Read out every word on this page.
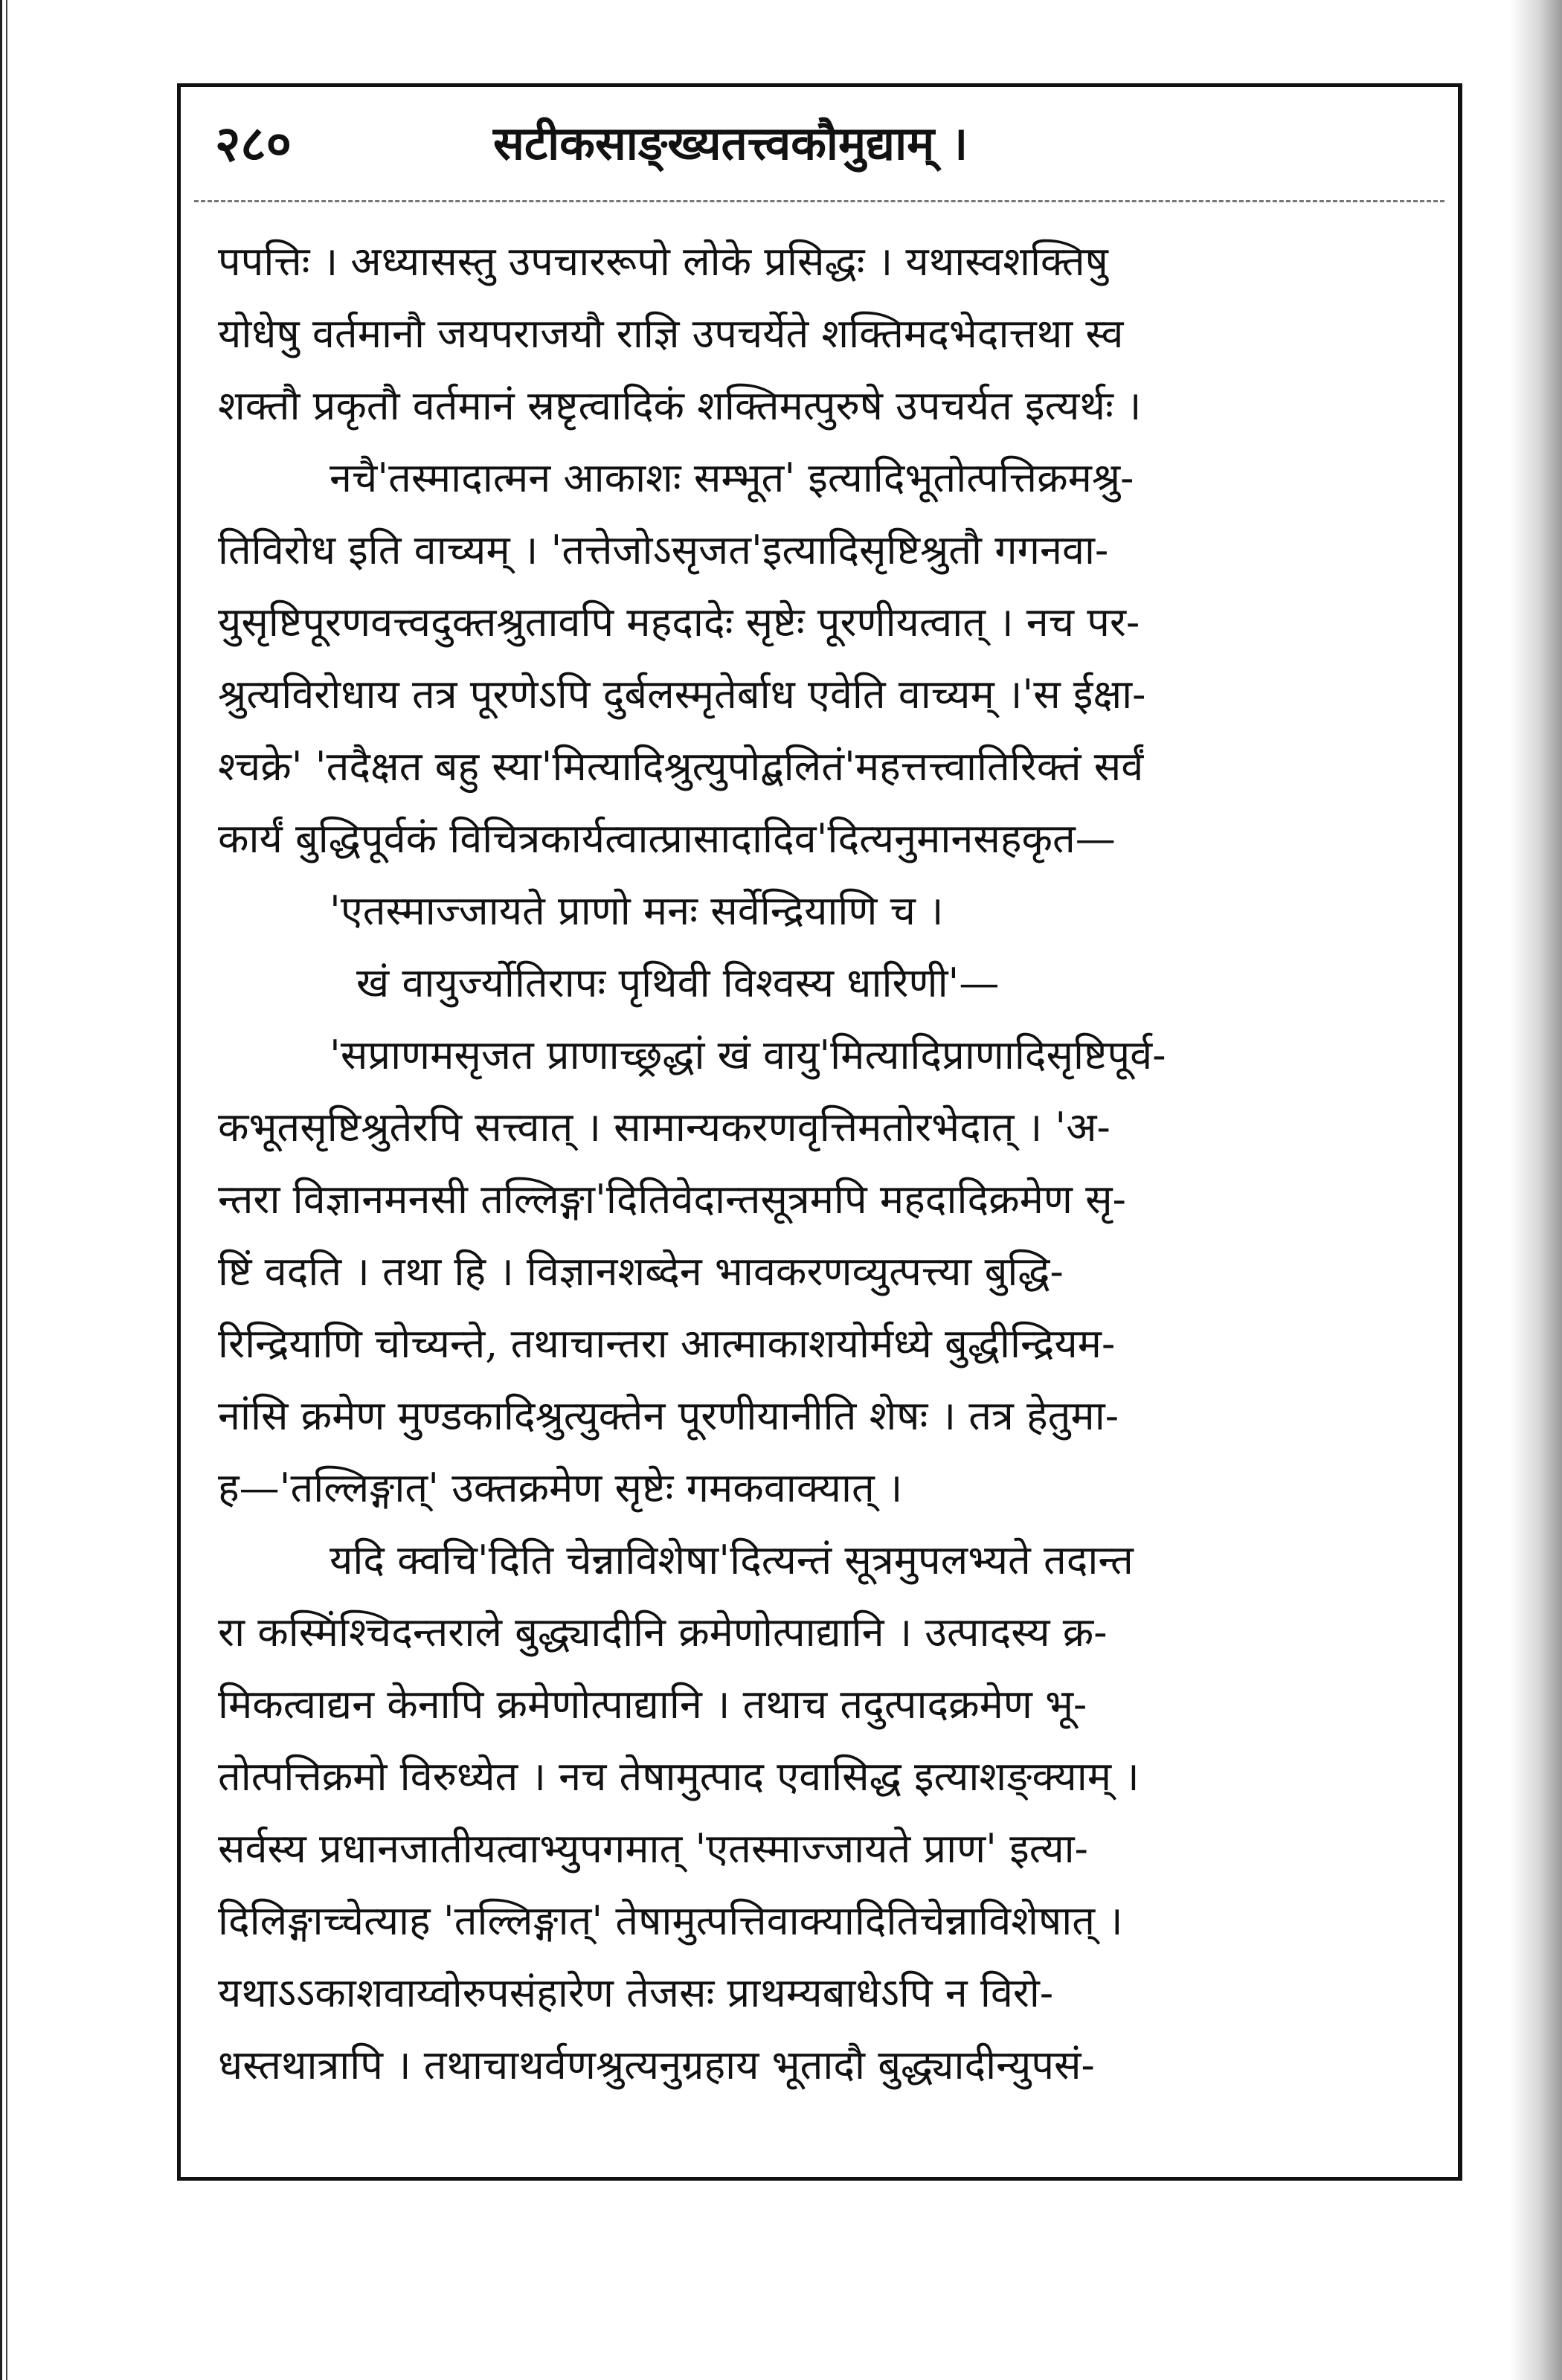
२८०	सटीकसाङ्ख्यतत्त्वकौमुद्याम् ।
पपत्तिः । अध्यासस्तु उपचाररूपो लोके प्रसिद्धः । यथास्वशक्तिषु
योधेषु वर्तमानौ जयपराजयौ राज्ञि उपचर्येते शक्तिमदभेदात्तथा स्व
शक्तौ प्रकृतौ वर्तमानं स्रष्टृत्वादिकं शक्तिमत्पुरुषे उपचर्यत इत्यर्थः ।
नचै'तस्मादात्मन आकाशः सम्भूत' इत्यादिभूतोत्पत्तिक्रमश्रु-
तिविरोध इति वाच्यम् । 'तत्तेजोऽसृजत'इत्यादिसृष्टिश्रुतौ गगनवा-
युसृष्टिपूरणवत्त्वदुक्तश्रुतावपि महदादेः सृष्टेः पूरणीयत्वात् । नच पर-
श्रुत्यविरोधाय तत्र पूरणेऽपि दुर्बलस्मृतेर्बाध एवेति वाच्यम् ।'स ईक्षा-
श्चक्रे' 'तदैक्षत बहु स्या'मित्यादिश्रुत्युपोद्बलितं'महत्तत्त्वातिरिक्तं सर्वं
कार्यं बुद्धिपूर्वकं विचित्रकार्यत्वात्प्रासादादिव'दित्यनुमानसहकृत—
'एतस्माज्जायते प्राणो मनः सर्वेन्द्रियाणि च ।
खं वायुर्ज्योतिरापः पृथिवी विश्वस्य धारिणी'—
'सप्राणमसृजत प्राणाच्छ्रद्धां खं वायु'मित्यादिप्राणादिसृष्टिपूर्व-
कभूतसृष्टिश्रुतेरपि सत्त्वात् । सामान्यकरणवृत्तिमतोरभेदात् । 'अ-
न्तरा विज्ञानमनसी तल्लिङ्गा'दितिवेदान्तसूत्रमपि महदादिक्रमेण सृ-
ष्टिं वदति । तथा हि । विज्ञानशब्देन भावकरणव्युत्पत्त्या बुद्धि-
रिन्द्रियाणि चोच्यन्ते, तथाचान्तरा आत्माकाशयोर्मध्ये बुद्धीन्द्रियम-
नांसि क्रमेण मुण्डकादिश्रुत्युक्तेन पूरणीयानीति शेषः । तत्र हेतुमा-
ह—'तल्लिङ्गात्' उक्तक्रमेण सृष्टेः गमकवाक्यात् ।
यदि क्वचि'दिति चेन्नाविशेषा'दित्यन्तं सूत्रमुपलभ्यते तदान्त
रा कस्मिंश्चिदन्तराले बुद्ध्यादीनि क्रमेणोत्पाद्यानि । उत्पादस्य क्र-
मिकत्वाद्यन केनापि क्रमेणोत्पाद्यानि । तथाच तदुत्पादक्रमेण भू-
तोत्पत्तिक्रमो विरुध्येत । नच तेषामुत्पाद एवासिद्ध इत्याशङ्क्याम् ।
सर्वस्य प्रधानजातीयत्वाभ्युपगमात् 'एतस्माज्जायते प्राण' इत्या-
दिलिङ्गाच्चेत्याह 'तल्लिङ्गात्' तेषामुत्पत्तिवाक्यादितिचेन्नाविशेषात् ।
यथाऽऽकाशवाय्वोरुपसंहारेण तेजसः प्राथम्यबाधेऽपि न विरो-
धस्तथात्रापि । तथाचाथर्वणश्रुत्यनुग्रहाय भूतादौ बुद्ध्यादीन्युपसं-
